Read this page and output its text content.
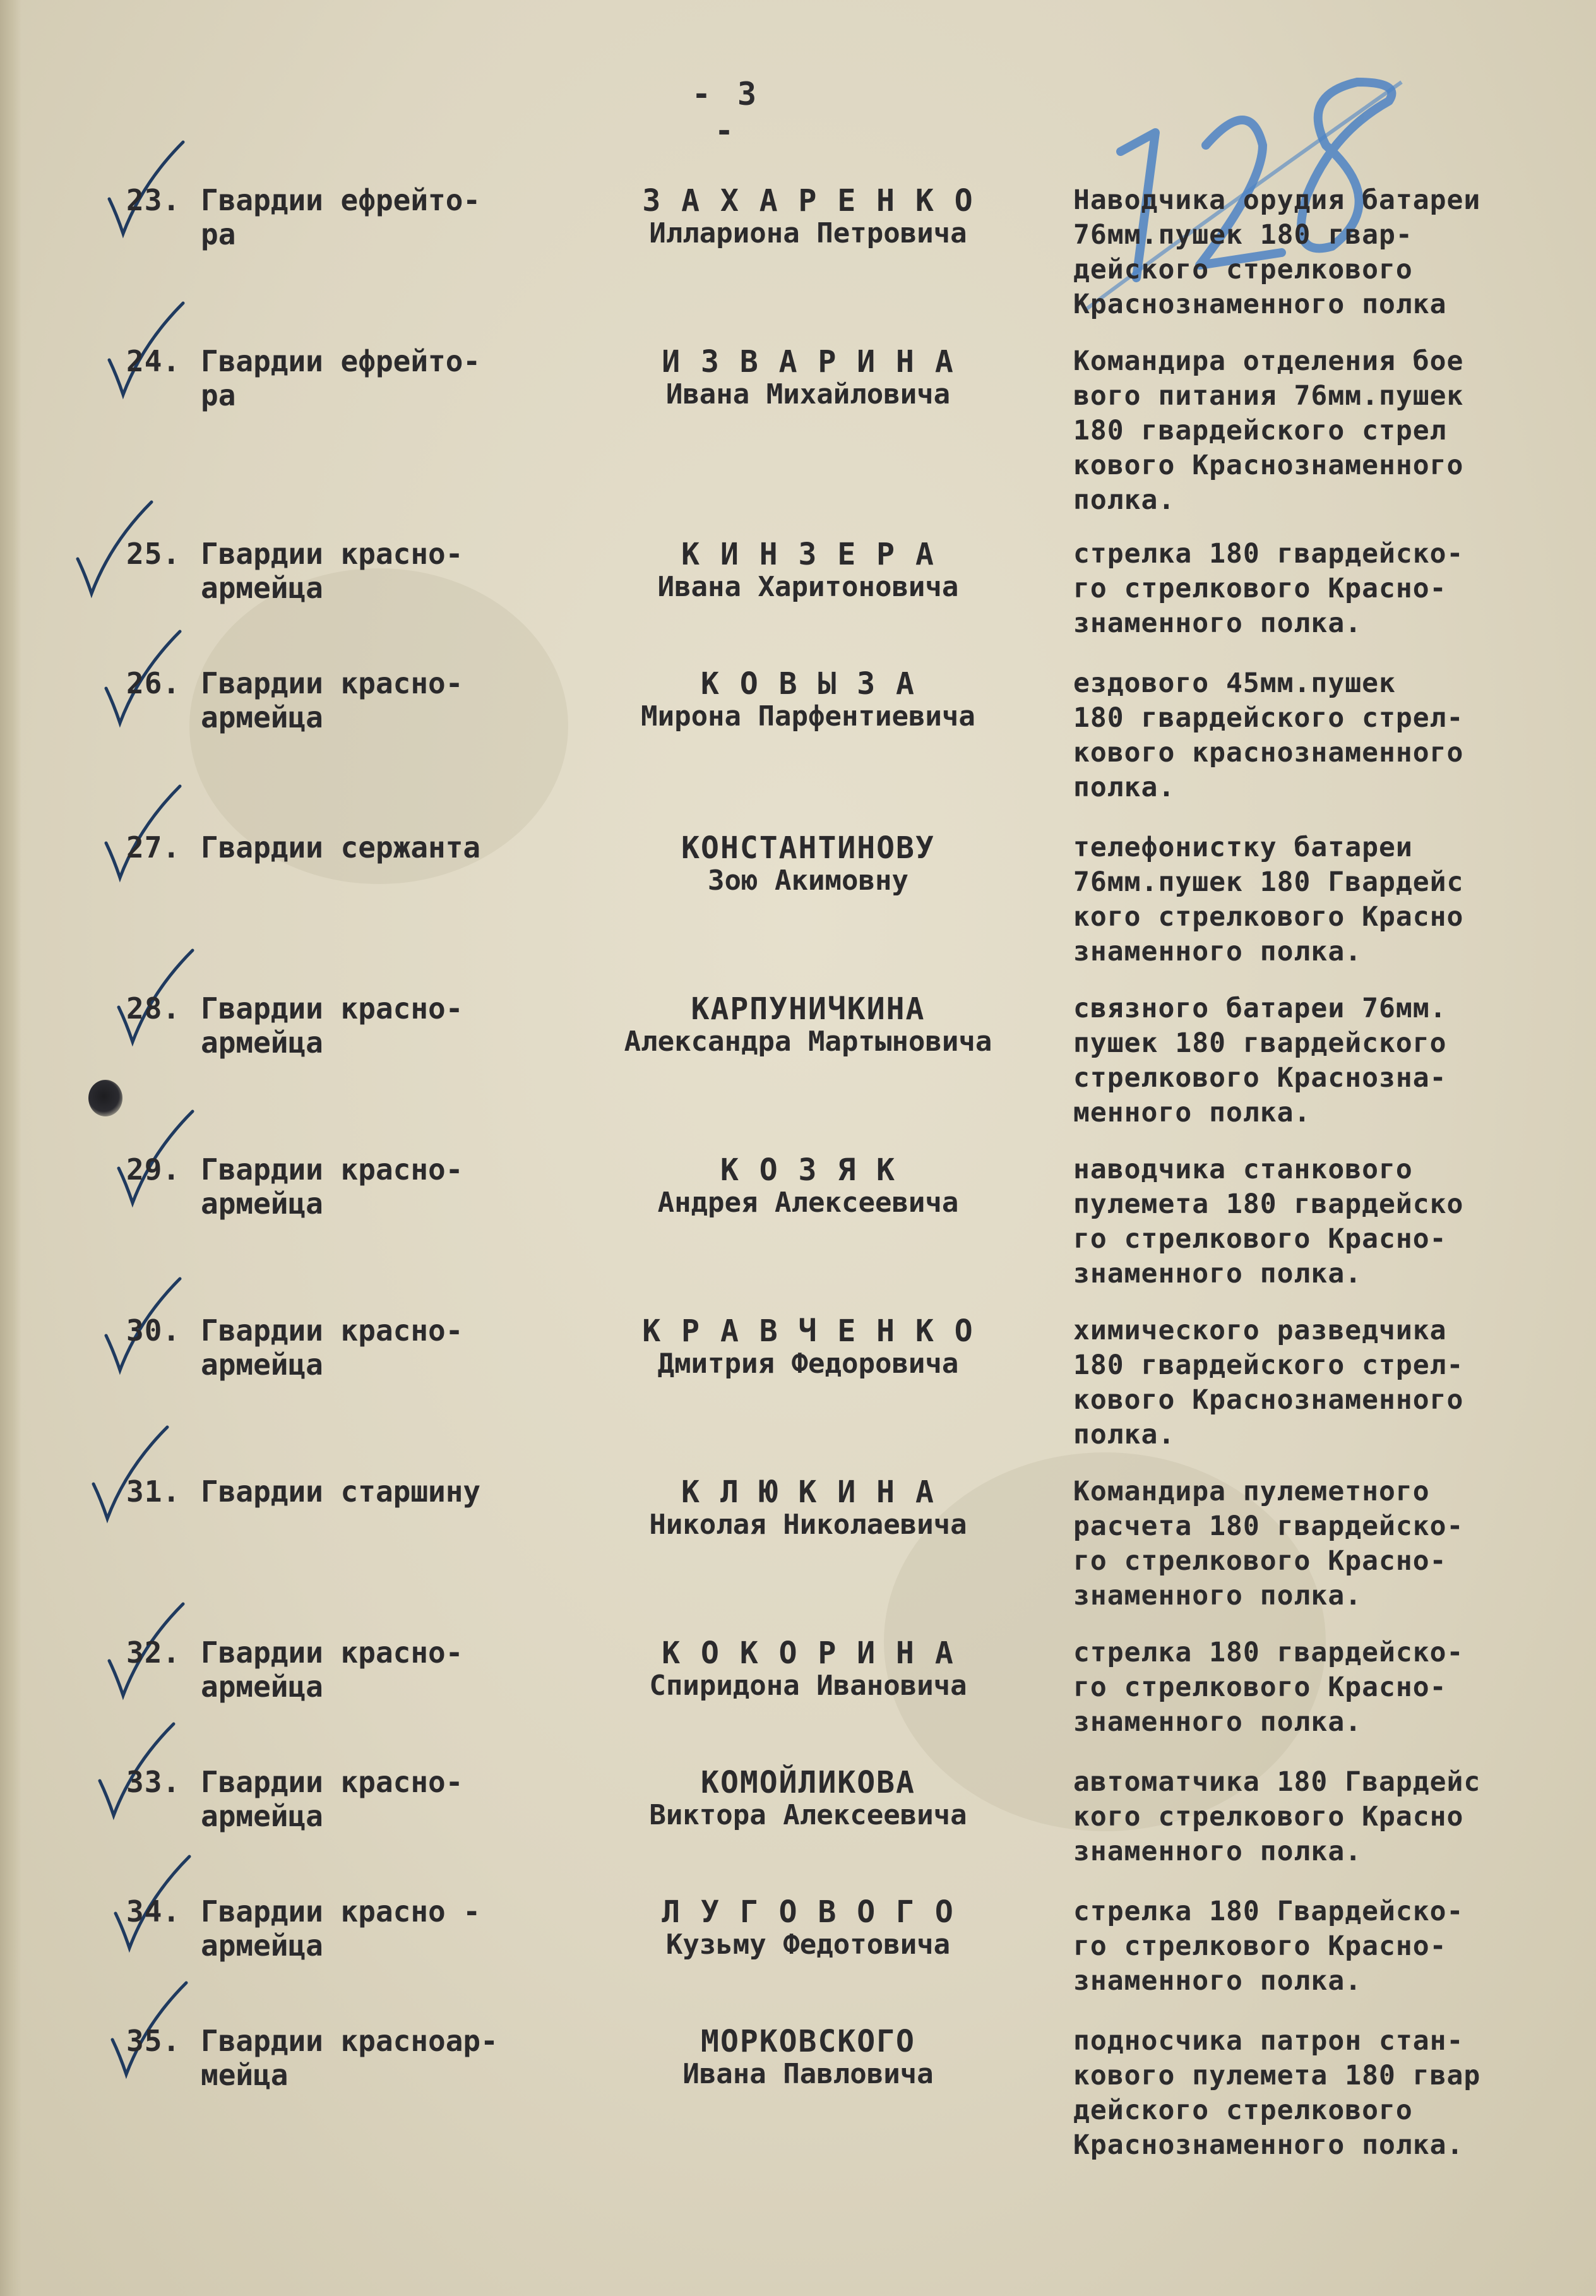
- 3 -
23. Гвардии ефрейто-
ра
З А Х А Р Е Н К О
Иллариона Петровича
Наводчика орудия батареи
76мм.пушек 180 гвар-
дейского стрелкового
Краснознаменного полка
24. Гвардии ефрейто-
ра
И З В А Р И Н А
Ивана Михайловича
Командира отделения бое
вого питания 76мм.пушек
180 гвардейского стрел
кового Краснознаменного
полка.
25. Гвардии красно-
армейца
К И Н З Е Р А
Ивана Харитоновича
стрелка 180 гвардейско-
го стрелкового Красно-
знаменного полка.
26. Гвардии красно-
армейца
К О В Ы З А
Мирона Парфентиевича
ездового 45мм.пушек
180 гвардейского стрел-
кового краснознаменного
полка.
27. Гвардии сержанта	КОНСТАНТИНОВУ
Зою Акимовну
телефонистку батареи
76мм.пушек 180 Гвардейс
кого стрелкового Красно
знаменного полка.
28. Гвардии красно-
армейца
КАРПУНИЧКИНА
Александра Мартыновича
связного батареи 76мм.
пушек 180 гвардейского
стрелкового Краснозна-
менного полка.
29. Гвардии красно-
армейца
К О З Я К
Андрея Алексеевича
наводчика станкового
пулемета 180 гвардейско
го стрелкового Красно-
знаменного полка.
30. Гвардии красно-
армейца
К Р А В Ч Е Н К О
Дмитрия Федоровича
химического разведчика
180 гвардейского стрел-
кового Краснознаменного
полка.
31. Гвардии старшину	К Л Ю К И Н А
Николая Николаевича
Командира пулеметного
расчета 180 гвардейско-
го стрелкового Красно-
знаменного полка.
32. Гвардии красно-
армейца
К О К О Р И Н А
Спиридона Ивановича
стрелка 180 гвардейско-
го стрелкового Красно-
знаменного полка.
33. Гвардии красно-
армейца
КОМОЙЛИКОВА
Виктора Алексеевича
автоматчика 180 Гвардейс
кого стрелкового Красно
знаменного полка.
34. Гвардии красно -
армейца
Л У Г О В О Г О
Кузьму Федотовича
стрелка 180 Гвардейско-
го стрелкового Красно-
знаменного полка.
35. Гвардии красноар-
мейца
МОРКОВСКОГО
Ивана Павловича
подносчика патрон стан-
кового пулемета 180 гвар
дейского стрелкового
Краснознаменного полка.
